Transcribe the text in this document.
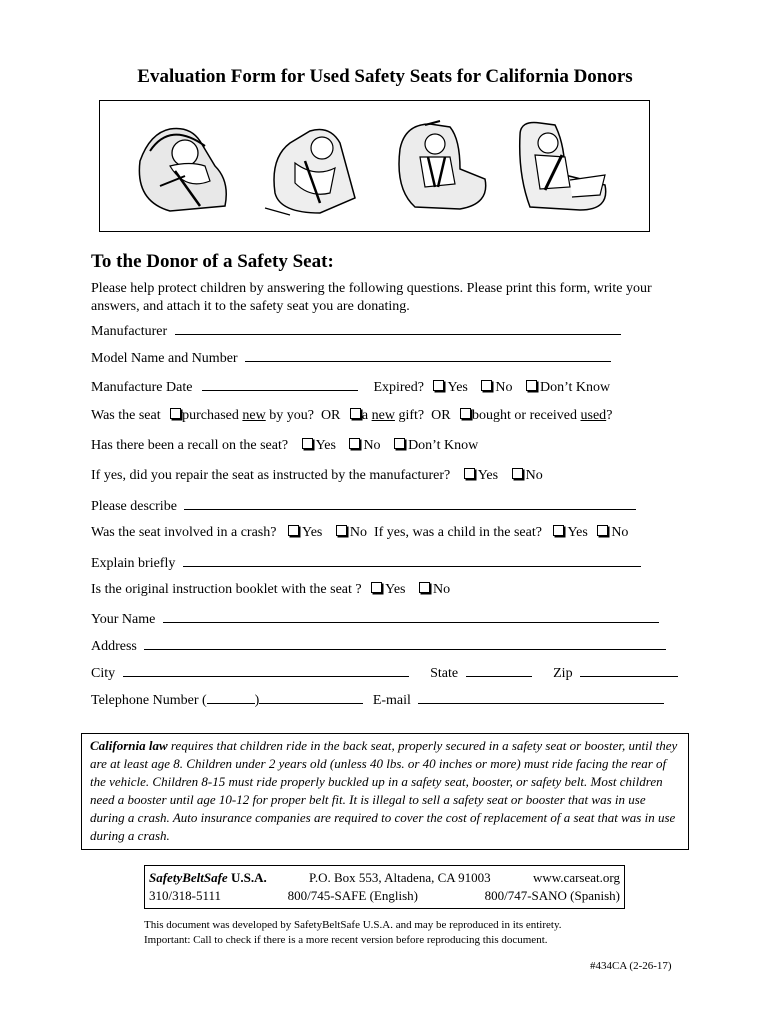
Evaluation Form for Used Safety Seats for California Donors
To the Donor of a Safety Seat:
Please help protect children by answering the following questions. Please print this form, write your answers, and attach it to the safety seat you are donating.
Manufacturer
Model Name and Number
Manufacture Date	Expired? Yes No Don’t Know
Was the seat purchased new by you? OR a new gift? OR bought or received used?
Has there been a recall on the seat? Yes No Don’t Know
If yes, did you repair the seat as instructed by the manufacturer? Yes No
Please describe
Was the seat involved in a crash? Yes No If yes, was a child in the seat? Yes No
Explain briefly
Is the original instruction booklet with the seat ? Yes No
Your Name
Address
City	State	Zip
Telephone Number (	)	E-mail
California law requires that children ride in the back seat, properly secured in a safety seat or booster, until they are at least age 8. Children under 2 years old (unless 40 lbs. or 40 inches or more) must ride facing the rear of the vehicle. Children 8-15 must ride properly buckled up in a safety seat, booster, or safety belt. Most children need a booster until age 10-12 for proper belt fit. It is illegal to sell a safety seat or booster that was in use during a crash. Auto insurance companies are required to cover the cost of replacement of a seat that was in use during a crash.
SafetyBeltSafe U.S.A.	P.O. Box 553, Altadena, CA 91003	www.carseat.org
310/318-5111	800/745-SAFE (English)	800/747-SANO (Spanish)
This document was developed by SafetyBeltSafe U.S.A. and may be reproduced in its entirety.
Important: Call to check if there is a more recent version before reproducing this document.
#434CA (2-26-17)
